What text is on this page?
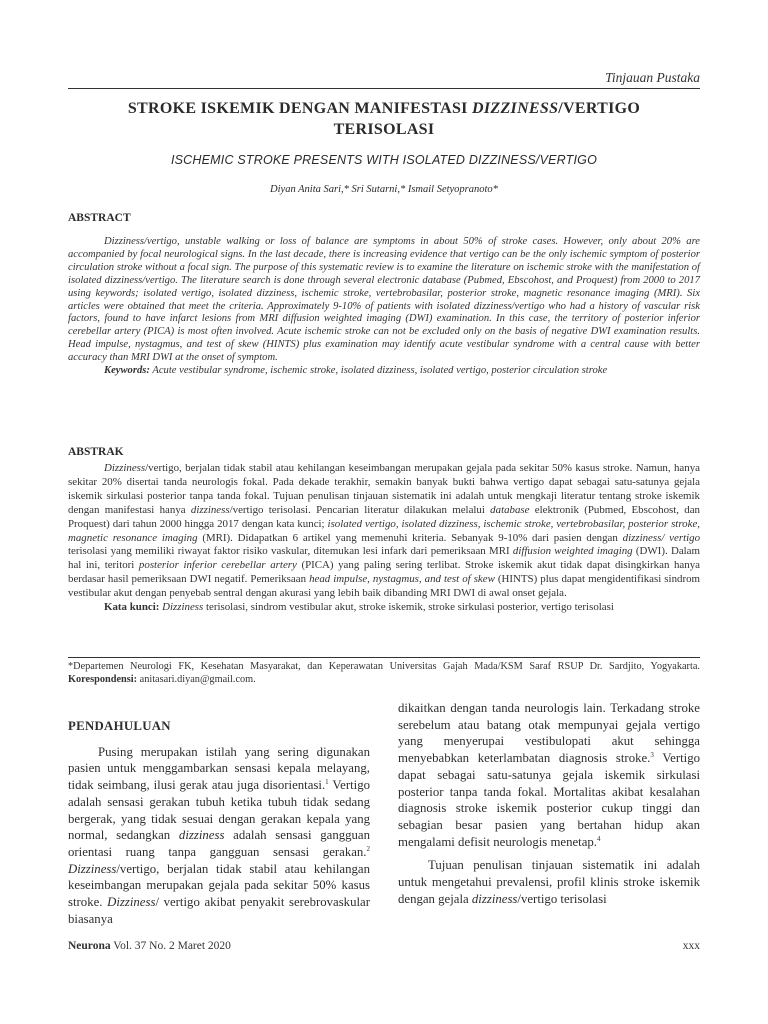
Tinjauan Pustaka
STROKE ISKEMIK DENGAN MANIFESTASI DIZZINESS/VERTIGO
TERISOLASI
ISCHEMIC STROKE PRESENTS WITH ISOLATED DIZZINESS/VERTIGO
Diyan Anita Sari,* Sri Sutarni,* Ismail Setyopranoto*
ABSTRACT

Dizziness/vertigo, unstable walking or loss of balance are symptoms in about 50% of stroke cases. However, only about 20% are accompanied by focal neurological signs. In the last decade, there is increasing evidence that vertigo can be the only ischemic symptom of posterior circulation stroke without a focal sign. The purpose of this systematic review is to examine the literature on ischemic stroke with the manifestation of isolated dizziness/vertigo. The literature search is done through several electronic database (Pubmed, Ebscohost, and Proquest) from 2000 to 2017 using keywords; isolated vertigo, isolated dizziness, ischemic stroke, vertebrobasilar, posterior stroke, magnetic resonance imaging (MRI). Six articles were obtained that meet the criteria. Approximately 9-10% of patients with isolated dizziness/vertigo who had a history of vascular risk factors, found to have infarct lesions from MRI diffusion weighted imaging (DWI) examination. In this case, the territory of posterior inferior cerebellar artery (PICA) is most often involved. Acute ischemic stroke can not be excluded only on the basis of negative DWI examination results. Head impulse, nystagmus, and test of skew (HINTS) plus examination may identify acute vestibular syndrome with a central cause with better accuracy than MRI DWI at the onset of symptom.

Keywords: Acute vestibular syndrome, ischemic stroke, isolated dizziness, isolated vertigo, posterior circulation stroke

ABSTRAK

Dizziness/vertigo, berjalan tidak stabil atau kehilangan keseimbangan merupakan gejala pada sekitar 50% kasus stroke. Namun, hanya sekitar 20% disertai tanda neurologis fokal. Pada dekade terakhir, semakin banyak bukti bahwa vertigo dapat sebagai satu-satunya gejala iskemik sirkulasi posterior tanpa tanda fokal. Tujuan penulisan tinjauan sistematik ini adalah untuk mengkaji literatur tentang stroke iskemik dengan manifestasi hanya dizziness/vertigo terisolasi. Pencarian literatur dilakukan melalui database elektronik (Pubmed, Ebscohost, dan Proquest) dari tahun 2000 hingga 2017 dengan kata kunci; isolated vertigo, isolated dizziness, ischemic stroke, vertebrobasilar, posterior stroke, magnetic resonance imaging (MRI). Didapatkan 6 artikel yang memenuhi kriteria. Sebanyak 9-10% dari pasien dengan dizziness/ vertigo terisolasi yang memiliki riwayat faktor risiko vaskular, ditemukan lesi infark dari pemeriksaan MRI diffusion weighted imaging (DWI). Dalam hal ini, teritori posterior inferior cerebellar artery (PICA) yang paling sering terlibat. Stroke iskemik akut tidak dapat disingkirkan hanya berdasar hasil pemeriksaan DWI negatif. Pemeriksaan head impulse, nystagmus, and test of skew (HINTS) plus dapat mengidentifikasi sindrom vestibular akut dengan penyebab sentral dengan akurasi yang lebih baik dibanding MRI DWI di awal onset gejala.

Kata kunci: Dizziness terisolasi, sindrom vestibular akut, stroke iskemik, stroke sirkulasi posterior, vertigo terisolasi

*Departemen Neurologi FK, Kesehatan Masyarakat, dan Keperawatan Universitas Gajah Mada/KSM Saraf RSUP Dr. Sardjito, Yogyakarta. Korespondensi: anitasari.diyan@gmail.com.
PENDAHULUAN

Pusing merupakan istilah yang sering digunakan pasien untuk menggambarkan sensasi kepala melayang, tidak seimbang, ilusi gerak atau juga disorientasi.$^1$ Vertigo adalah sensasi gerakan tubuh ketika tubuh tidak sedang bergerak, yang tidak sesuai dengan gerakan kepala yang normal, sedangkan dizziness adalah sensasi gangguan orientasi ruang tanpa gangguan sensasi gerakan.$^2$ Dizziness/vertigo, berjalan tidak stabil atau kehilangan keseimbangan merupakan gejala pada sekitar 50% kasus stroke. Dizziness/ vertigo akibat penyakit serebrovaskular biasanya

dikaitkan dengan tanda neurologis lain. Terkadang stroke serebelum atau batang otak mempunyai gejala vertigo yang menyerupai vestibulopati akut sehingga menyebabkan keterlambatan diagnosis stroke.$^3$ Vertigo dapat sebagai satu-satunya gejala iskemik sirkulasi posterior tanpa tanda fokal. Mortalitas akibat kesalahan diagnosis stroke iskemik posterior cukup tinggi dan sebagian besar pasien yang bertahan hidup akan mengalami defisit neurologis menetap.$^4$

Tujuan penulisan tinjauan sistematik ini adalah untuk mengetahui prevalensi, profil klinis stroke iskemik dengan gejala dizziness/vertigo terisolasi

Neurona Vol. 37 No. 2 Maret 2020	xxx
